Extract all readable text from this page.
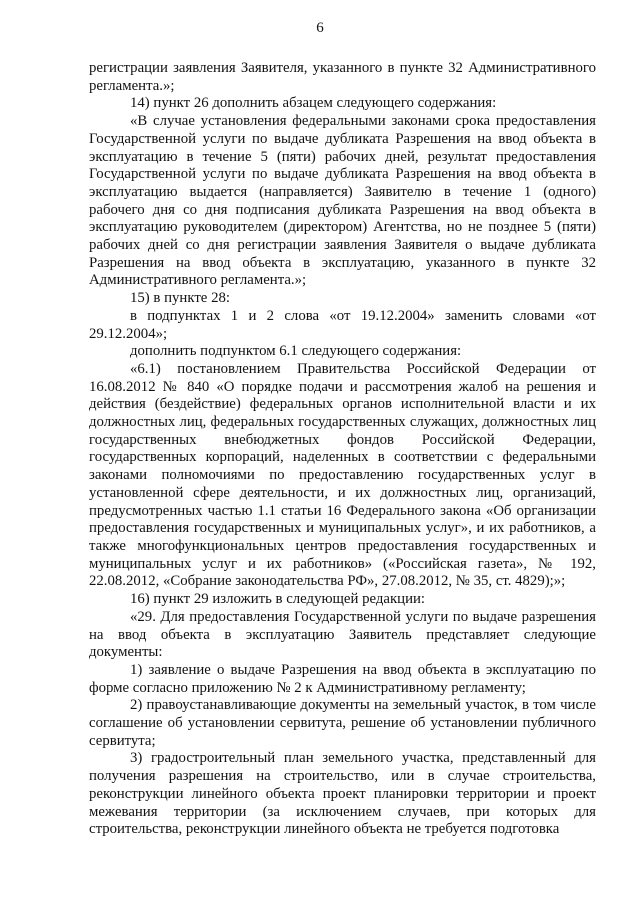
6

регистрации заявления Заявителя, указанного в пункте 32 Административного регламента.»;

14) пункт 26 дополнить абзацем следующего содержания:

«В случае установления федеральными законами срока предоставления Государственной услуги по выдаче дубликата Разрешения на ввод объекта в эксплуатацию в течение 5 (пяти) рабочих дней, результат предоставления Государственной услуги по выдаче дубликата Разрешения на ввод объекта в эксплуатацию выдается (направляется) Заявителю в течение 1 (одного) рабочего дня со дня подписания дубликата Разрешения на ввод объекта в эксплуатацию руководителем (директором) Агентства, но не позднее 5 (пяти) рабочих дней со дня регистрации заявления Заявителя о выдаче дубликата Разрешения на ввод объекта в эксплуатацию, указанного в пункте 32 Административного регламента.»;

15) в пункте 28:

в подпунктах 1 и 2 слова «от 19.12.2004» заменить словами «от 29.12.2004»;

дополнить подпунктом 6.1 следующего содержания:

«6.1) постановлением Правительства Российской Федерации от 16.08.2012 № 840 «О порядке подачи и рассмотрения жалоб на решения и действия (бездействие) федеральных органов исполнительной власти и их должностных лиц, федеральных государственных служащих, должностных лиц государственных внебюджетных фондов Российской Федерации, государственных корпораций, наделенных в соответствии с федеральными законами полномочиями по предоставлению государственных услуг в установленной сфере деятельности, и их должностных лиц, организаций, предусмотренных частью 1.1 статьи 16 Федерального закона «Об организации предоставления государственных и муниципальных услуг», и их работников, а также многофункциональных центров предоставления государственных и муниципальных услуг и их работников» («Российская газета», № 192, 22.08.2012, «Собрание законодательства РФ», 27.08.2012, № 35, ст. 4829);»;

16) пункт 29 изложить в следующей редакции:

«29. Для предоставления Государственной услуги по выдаче разрешения на ввод объекта в эксплуатацию Заявитель представляет следующие документы:

1) заявление о выдаче Разрешения на ввод объекта в эксплуатацию по форме согласно приложению № 2 к Административному регламенту;

2) правоустанавливающие документы на земельный участок, в том числе соглашение об установлении сервитута, решение об установлении публичного сервитута;

3) градостроительный план земельного участка, представленный для получения разрешения на строительство, или в случае строительства, реконструкции линейного объекта проект планировки территории и проект межевания территории (за исключением случаев, при которых для строительства, реконструкции линейного объекта не требуется подготовка
